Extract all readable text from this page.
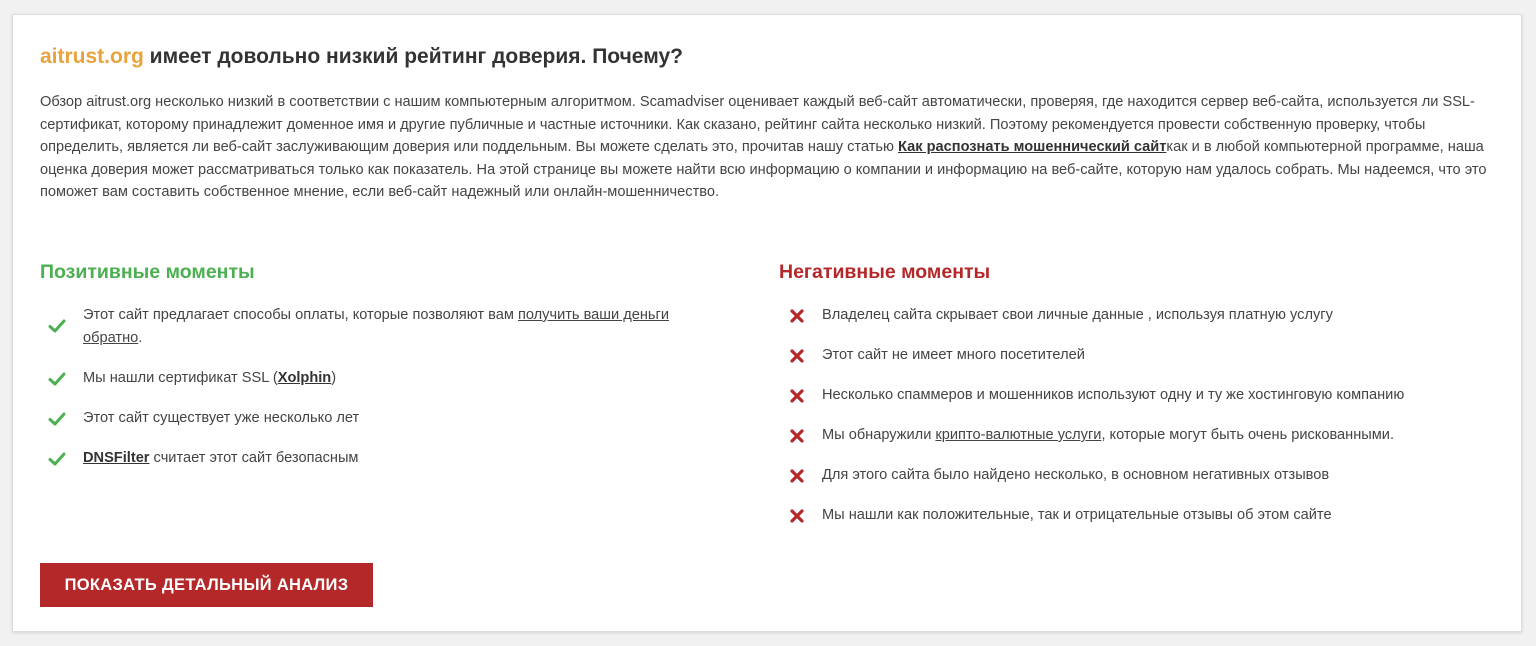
aitrust.org имеет довольно низкий рейтинг доверия. Почему?

Обзор aitrust.org несколько низкий в соответствии с нашим компьютерным алгоритмом. Scamadviser оценивает каждый веб-сайт автоматически, проверяя, где находится сервер веб-сайта, используется ли SSL-сертификат, которому принадлежит доменное имя и другие публичные и частные источники. Как сказано, рейтинг сайта несколько низкий. Поэтому рекомендуется провести собственную проверку, чтобы определить, является ли веб-сайт заслуживающим доверия или поддельным. Вы можете сделать это, прочитав нашу статью Как распознать мошеннический сайткак и в любой компьютерной программе, наша оценка доверия может рассматриваться только как показатель. На этой странице вы можете найти всю информацию о компании и информацию на веб-сайте, которую нам удалось собрать. Мы надеемся, что это поможет вам составить собственное мнение, если веб-сайт надежный или онлайн-мошенничество.

Позитивные моменты
Этот сайт предлагает способы оплаты, которые позволяют вам получить ваши деньги обратно.
Мы нашли сертификат SSL (Xolphin)
Этот сайт существует уже несколько лет
DNSFilter считает этот сайт безопасным
Негативные моменты
Владелец сайта скрывает свои личные данные , используя платную услугу
Этот сайт не имеет много посетителей
Несколько спаммеров и мошенников используют одну и ту же хостинговую компанию
Мы обнаружили крипто-валютные услуги, которые могут быть очень рискованными.
Для этого сайта было найдено несколько, в основном негативных отзывов
Мы нашли как положительные, так и отрицательные отзывы об этом сайте
ПОКАЗАТЬ ДЕТАЛЬНЫЙ АНАЛИЗ
